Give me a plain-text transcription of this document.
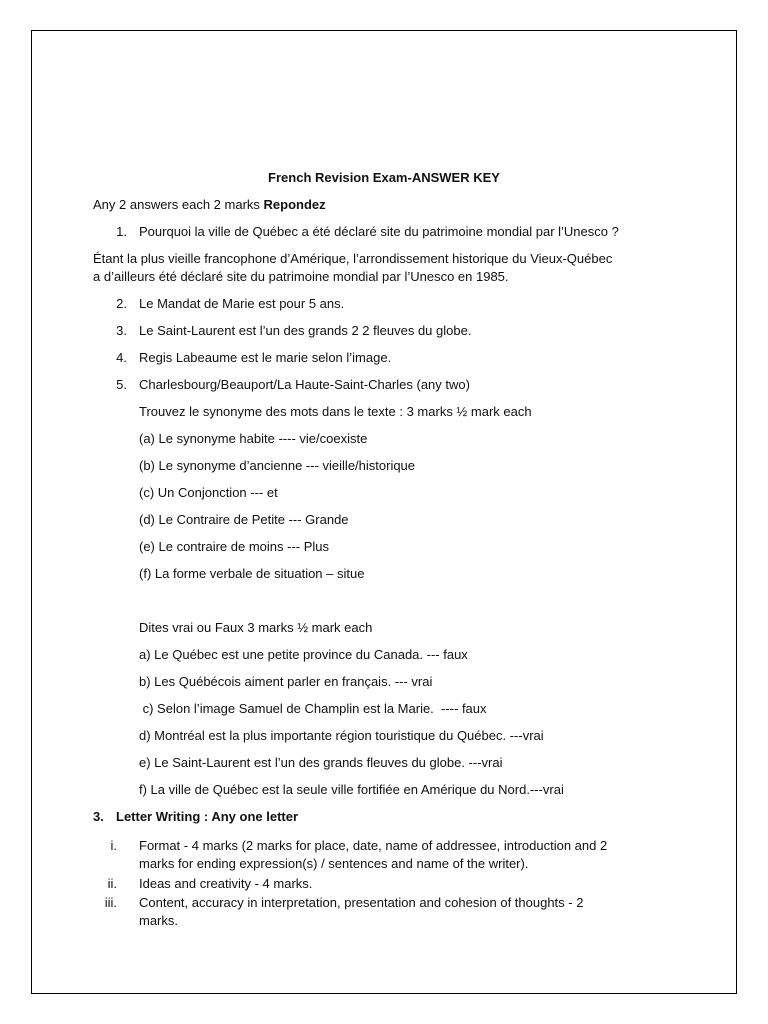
French Revision Exam-ANSWER KEY
Any 2 answers each 2 marks Repondez
1. Pourquoi la ville de Québec a été déclaré site du patrimoine mondial par l’Unesco ?
Étant la plus vieille francophone d’Amérique, l’arrondissement historique du Vieux-Québec
a d’ailleurs été déclaré site du patrimoine mondial par l’Unesco en 1985.
2. Le Mandat de Marie est pour 5 ans.
3. Le Saint-Laurent est l’un des grands 2 2 fleuves du globe.
4. Regis Labeaume est le marie selon l’image.
5. Charlesbourg/Beauport/La Haute-Saint-Charles (any two)
Trouvez le synonyme des mots dans le texte : 3 marks ½ mark each
(a) Le synonyme habite ---- vie/coexiste
(b) Le synonyme d’ancienne --- vieille/historique
(c) Un Conjonction --- et
(d) Le Contraire de Petite --- Grande
(e) Le contraire de moins --- Plus
(f) La forme verbale de situation – situe
Dites vrai ou Faux 3 marks ½ mark each
a) Le Québec est une petite province du Canada. --- faux
b) Les Québécois aiment parler en français. --- vrai
c) Selon l’image Samuel de Champlin est la Marie.  ---- faux
d) Montréal est la plus importante région touristique du Québec. ---vrai
e) Le Saint-Laurent est l’un des grands fleuves du globe. ---vrai
f) La ville de Québec est la seule ville fortifiée en Amérique du Nord.---vrai
3. Letter Writing : Any one letter
i. Format - 4 marks (2 marks for place, date, name of addressee, introduction and 2
marks for ending expression(s) / sentences and name of the writer).
ii. Ideas and creativity - 4 marks.
iii. Content, accuracy in interpretation, presentation and cohesion of thoughts - 2
marks.
